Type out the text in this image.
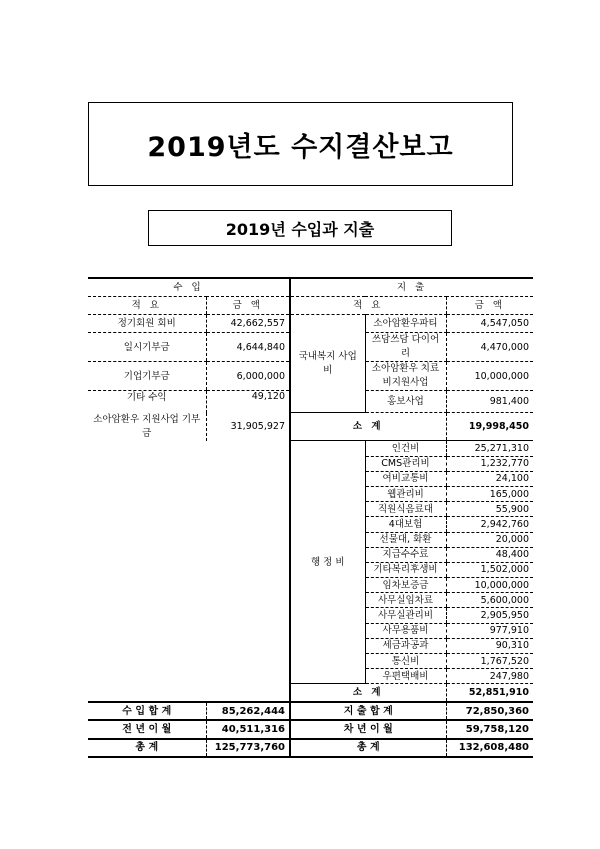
2019년도 수지결산보고
2019년 수입과 지출
수 입		지 출		
적 요	금 액	적 요		금 액
정기회원 회비	42,662,557	국내복지 사업비	소아암환우파티	4,547,050
일시기부금	4,644,840		쓰담쓰담 다이어리	4,470,000
기업기부금	6,000,000		소아암환우 치료비지원사업	10,000,000
기타 수익	49,120		홍보사업	981,400
소아암환우 지원사업 기부금	31,905,927	소 계		19,998,450
		행 정 비	인건비	25,271,310
			CMS관리비	1,232,770
			여비교통비	24,100
			웹관리비	165,000
			직원식음료대	55,900
			4대보험	2,942,760
			선물대, 화환	20,000
			지급수수료	48,400
			기타복리후생비	1,502,000
			임차보증금	10,000,000
			사무실임차료	5,600,000
			사무실관리비	2,905,950
			사무용품비	977,910
			세금과공과	90,310
			통신비	1,767,520
			우편택배비	247,980
		소 계		52,851,910
수 입 합 계	85,262,444	지 출 합 계		72,850,360
전 년 이 월	40,511,316	차 년 이 월		59,758,120
총 계	125,773,760	총 계		132,608,480
